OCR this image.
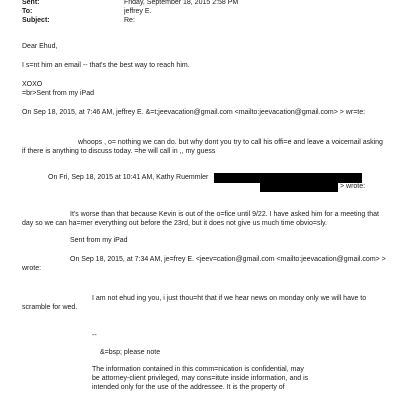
Sent:	Friday, September 18, 2015 2:58 PM
To:	jeffrey E.
Subject:	Re:
Dear Ehud,
I s=nt him an email -- that's the best way to reach him.
XOXO
=br>Sent from my iPad
On Sep 18, 2015, at 7:46 AM, jeffrey E. &=t;jeevacation@gmail.com <mailto:jeevacation@gmail.com> > wr=te:
whoops , o= nothing we can do. but why dont you try to call his offi=e and leave a voicemail asking if there is anything to discuss today. =he will call in ,, my guess
On Fri, Sep 18, 2015 at 10:41 AM, Kathy Ruemmler
> wrote:
It's worse than that because Kevin is out of the o=fice until 9/22. I have asked him for a meeting that day so we can ha=mer everything out before the 23rd, but it does not give us much time obvio=sly.
Sent from my iPad
On Sep 18, 2015, at 7:34 AM, je=frey E. <jeev=cation@gmail.com <mailto:jeevacation@gmail.com> >
wrote:
I am not ehud ing you, i just thou=ht that if we hear news on monday only we will have to scramble for wed.
--
&=bsp; please note
The information contained in this comm=nication is confidential, may be attorney-client privileged, may cons=itute inside information, and is intended only for the use of the addressee. It is the property of
